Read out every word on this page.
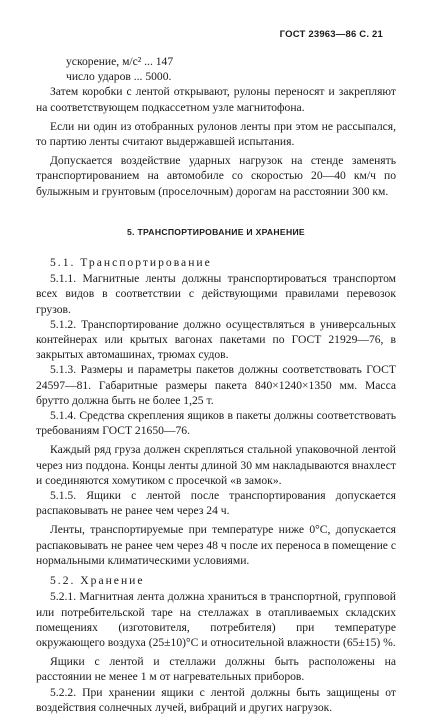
ГОСТ 23963—86 С. 21

ускорение, м/с² ... 147

число ударов ... 5000.

Затем коробки с лентой открывают, рулоны переносят и закрепляют на соответствующем подкассетном узле магнитофона.

Если ни один из отобранных рулонов ленты при этом не рассыпался, то партию ленты считают выдержавшей испытания.

Допускается воздействие ударных нагрузок на стенде заменять транспортированием на автомобиле со скоростью 20—40 км/ч по булыжным и грунтовым (проселочным) дорогам на расстоянии 300 км.

5. ТРАНСПОРТИРОВАНИЕ И ХРАНЕНИЕ

5.1. Транспортирование

5.1.1. Магнитные ленты должны транспортироваться транспортом всех видов в соответствии с действующими правилами перевозок грузов.

5.1.2. Транспортирование должно осуществляться в универсальных контейнерах или крытых вагонах пакетами по ГОСТ 21929—76, в закрытых автомашинах, трюмах судов.

5.1.3. Размеры и параметры пакетов должны соответствовать ГОСТ 24597—81. Габаритные размеры пакета 840×1240×1350 мм. Масса брутто должна быть не более 1,25 т.

5.1.4. Средства скрепления ящиков в пакеты должны соответствовать требованиям ГОСТ 21650—76.

Каждый ряд груза должен скрепляться стальной упаковочной лентой через низ поддона. Концы ленты длиной 30 мм накладываются внахлест и соединяются хомутиком с просечкой «в замок».

5.1.5. Ящики с лентой после транспортирования допускается распаковывать не ранее чем через 24 ч.

Ленты, транспортируемые при температуре ниже 0°C, допускается распаковывать не ранее чем через 48 ч после их переноса в помещение с нормальными климатическими условиями.

5.2. Хранение

5.2.1. Магнитная лента должна храниться в транспортной, групповой или потребительской таре на стеллажах в отапливаемых складских помещениях (изготовителя, потребителя) при температуре окружающего воздуха (25±10)°C и относительной влажности (65±15) %.

Ящики с лентой и стеллажи должны быть расположены на расстоянии не менее 1 м от нагревательных приборов.

5.2.2. При хранении ящики с лентой должны быть защищены от воздействия солнечных лучей, вибраций и других нагрузок.
